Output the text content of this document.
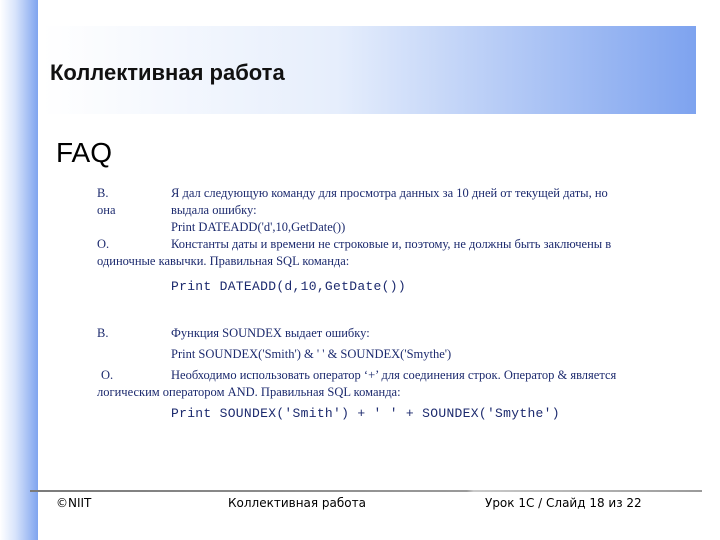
Коллективная работа
FAQ
В.	Я дал следующую команду для просмотра данных за 10 дней от текущей даты, но
она	выдала ошибку:
Print DATEADD('d',10,GetDate())
О.	Константы даты и времени не строковые и, поэтому, не должны быть заключены в
одиночные кавычки. Правильная SQL команда:
Print DATEADD(d,10,GetDate())
В.	Функция SOUNDEX выдает ошибку:
Print SOUNDEX('Smith') & ' ' & SOUNDEX('Smythe')
О.	Необходимо использовать оператор ‘+’ для соединения строк. Оператор & является
логическим оператором AND. Правильная SQL команда:
Print SOUNDEX('Smith') + ' ' + SOUNDEX('Smythe')
©NIIT	Коллективная работа	Урок 1C / Слайд 18 из 22
